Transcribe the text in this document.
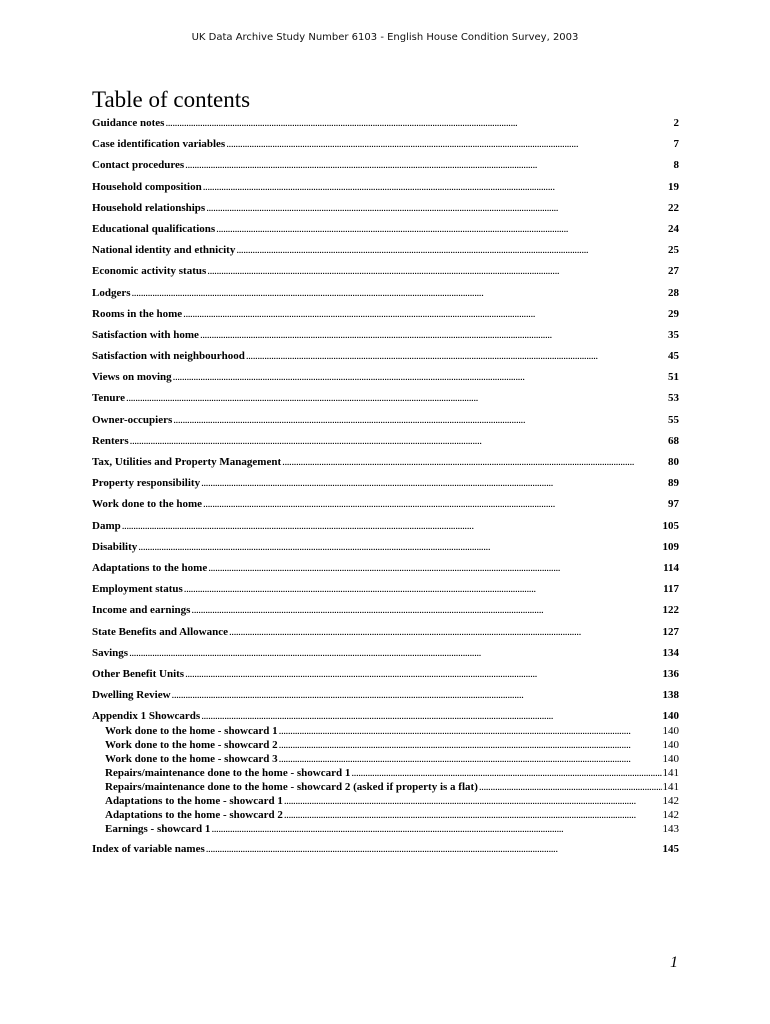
UK Data Archive Study Number 6103 - English House Condition Survey, 2003
Table of contents
Guidance notes . . .	2
Case identification variables . . .	7
Contact procedures . . .	8
Household composition . . .	19
Household relationships . . .	22
Educational qualifications . . .	24
National identity and ethnicity . . .	25
Economic activity status . . .	27
Lodgers . . .	28
Rooms in the home . . .	29
Satisfaction with home . . .	35
Satisfaction with neighbourhood . . .	45
Views on moving . . .	51
Tenure . . .	53
Owner-occupiers . . .	55
Renters . . .	68
Tax, Utilities and Property Management . . .	80
Property responsibility . . .	89
Work done to the home . . .	97
Damp . . .	105
Disability . . .	109
Adaptations to the home . . .	114
Employment status . . .	117
Income and earnings . . .	122
State Benefits and Allowance . . .	127
Savings . . .	134
Other Benefit Units . . .	136
Dwelling Review . . .	138
Appendix 1 Showcards . . .	140
Work done to the home - showcard 1 . . .	140
Work done to the home - showcard 2 . . .	140
Work done to the home - showcard 3 . . .	140
Repairs/maintenance done to the home - showcard 1 . . .	141
Repairs/maintenance done to the home - showcard 2 (asked if property is a flat) . . .	141
Adaptations to the home - showcard 1 . . .	142
Adaptations to the home - showcard 2 . . .	142
Earnings - showcard 1 . . .	143
Index of variable names . . .	145
1
